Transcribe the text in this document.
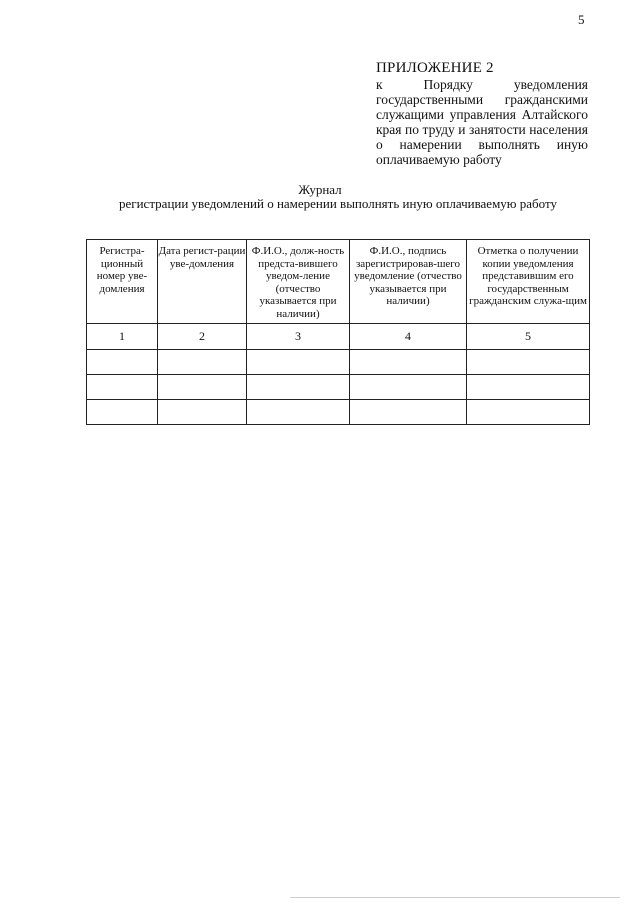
5
ПРИЛОЖЕНИЕ 2
к Порядку уведомления государственными гражданскими служащими управления Алтайского края по труду и занятости населения о намерении выполнять иную оплачиваемую работу
Журнал
регистрации уведомлений о намерении выполнять иную оплачиваемую работу
Регистра-ционный номер уве-домления	Дата регист-рации уве-домления	Ф.И.О., долж-ность предста-вившего уведом-ление (отчество указывается при наличии)	Ф.И.О., подпись зарегистрировав-шего уведомление (отчество указывается при наличии)	Отметка о получении копии уведомления представившим его государственным гражданским служа-щим
1	2	3	4	5
